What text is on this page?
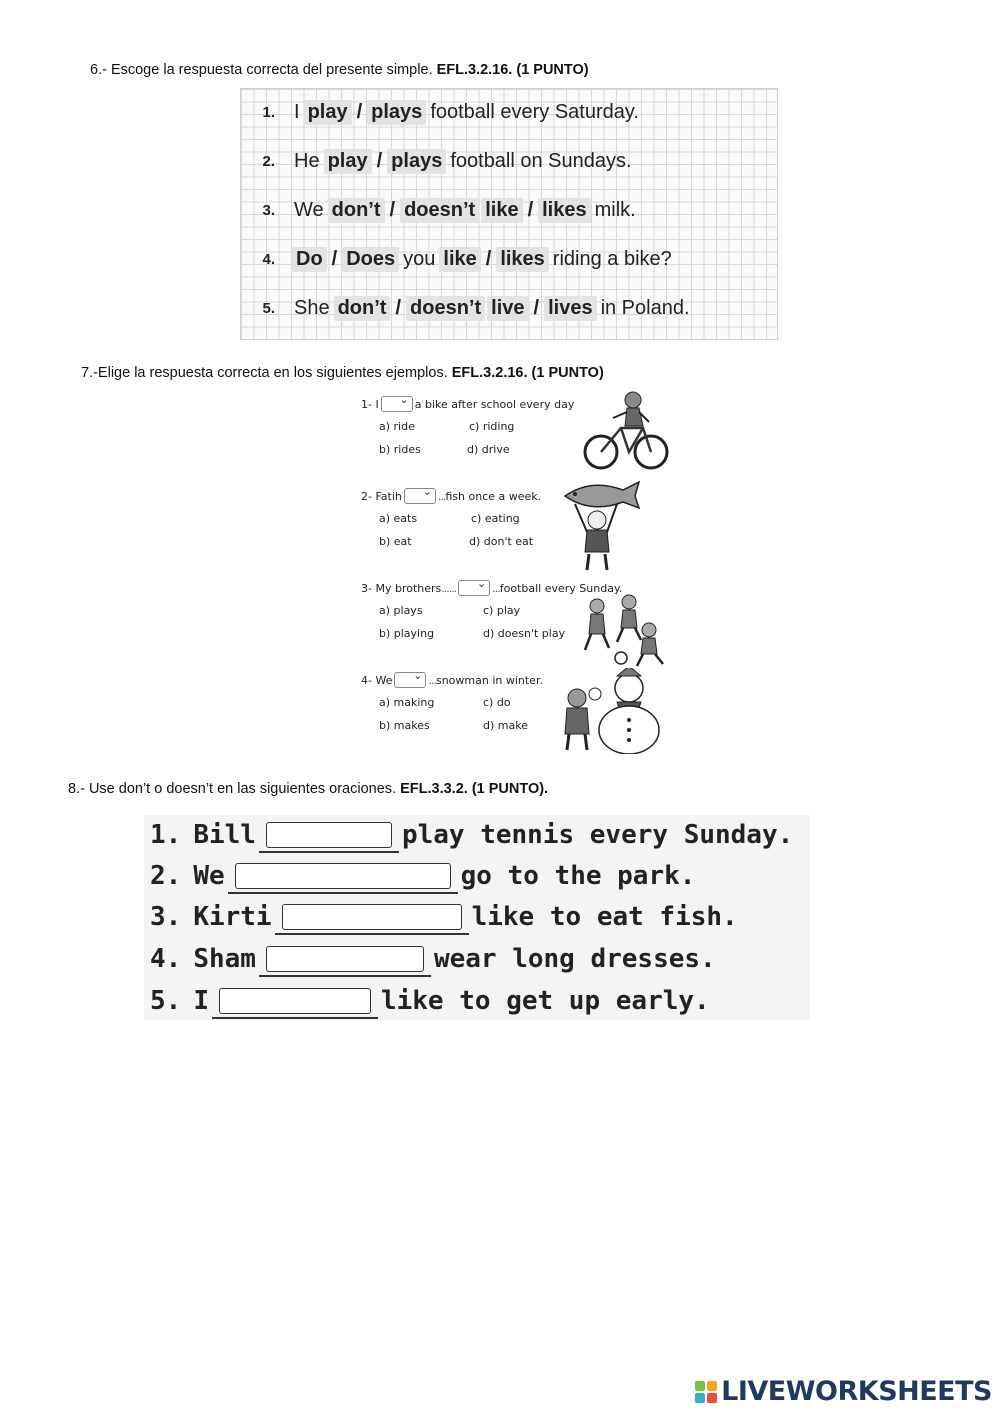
6.- Escoge la respuesta correcta del presente simple. EFL.3.2.16. (1 PUNTO)
1. I play / plays football every Saturday.
2. He play / plays football on Sundays.
3. We don’t / doesn’t like / likes milk.
4.	Do / Does you like / likes riding a bike?
5. She don’t / doesn’t live / lives in Poland.
7.-Elige la respuesta correcta en los siguientes ejemplos. EFL.3.2.16. (1 PUNTO)
1- I ⌄	a bike after school every day
a) ride
b) rides
c) riding
d) drive
2- Fatih ⌄	... fish once a week.
a) eats
b) eat
c) eating
d) don't eat
3- My brothers ...... ⌄	... football every Sunday.
a) plays
b) playing
c) play
d) doesn't play
4- We ⌄	... snowman in winter.
a) making
b) makes
c) do
d) make
8.- Use don’t o doesn’t en las siguientes oraciones. EFL.3.3.2. (1 PUNTO).
1. Bill	play tennis every Sunday.
2. We	go to the park.
3. Kirti	like to eat fish.
4. Sham	wear long dresses.
5. I	like to get up early.
LIVEWORKSHEETS
